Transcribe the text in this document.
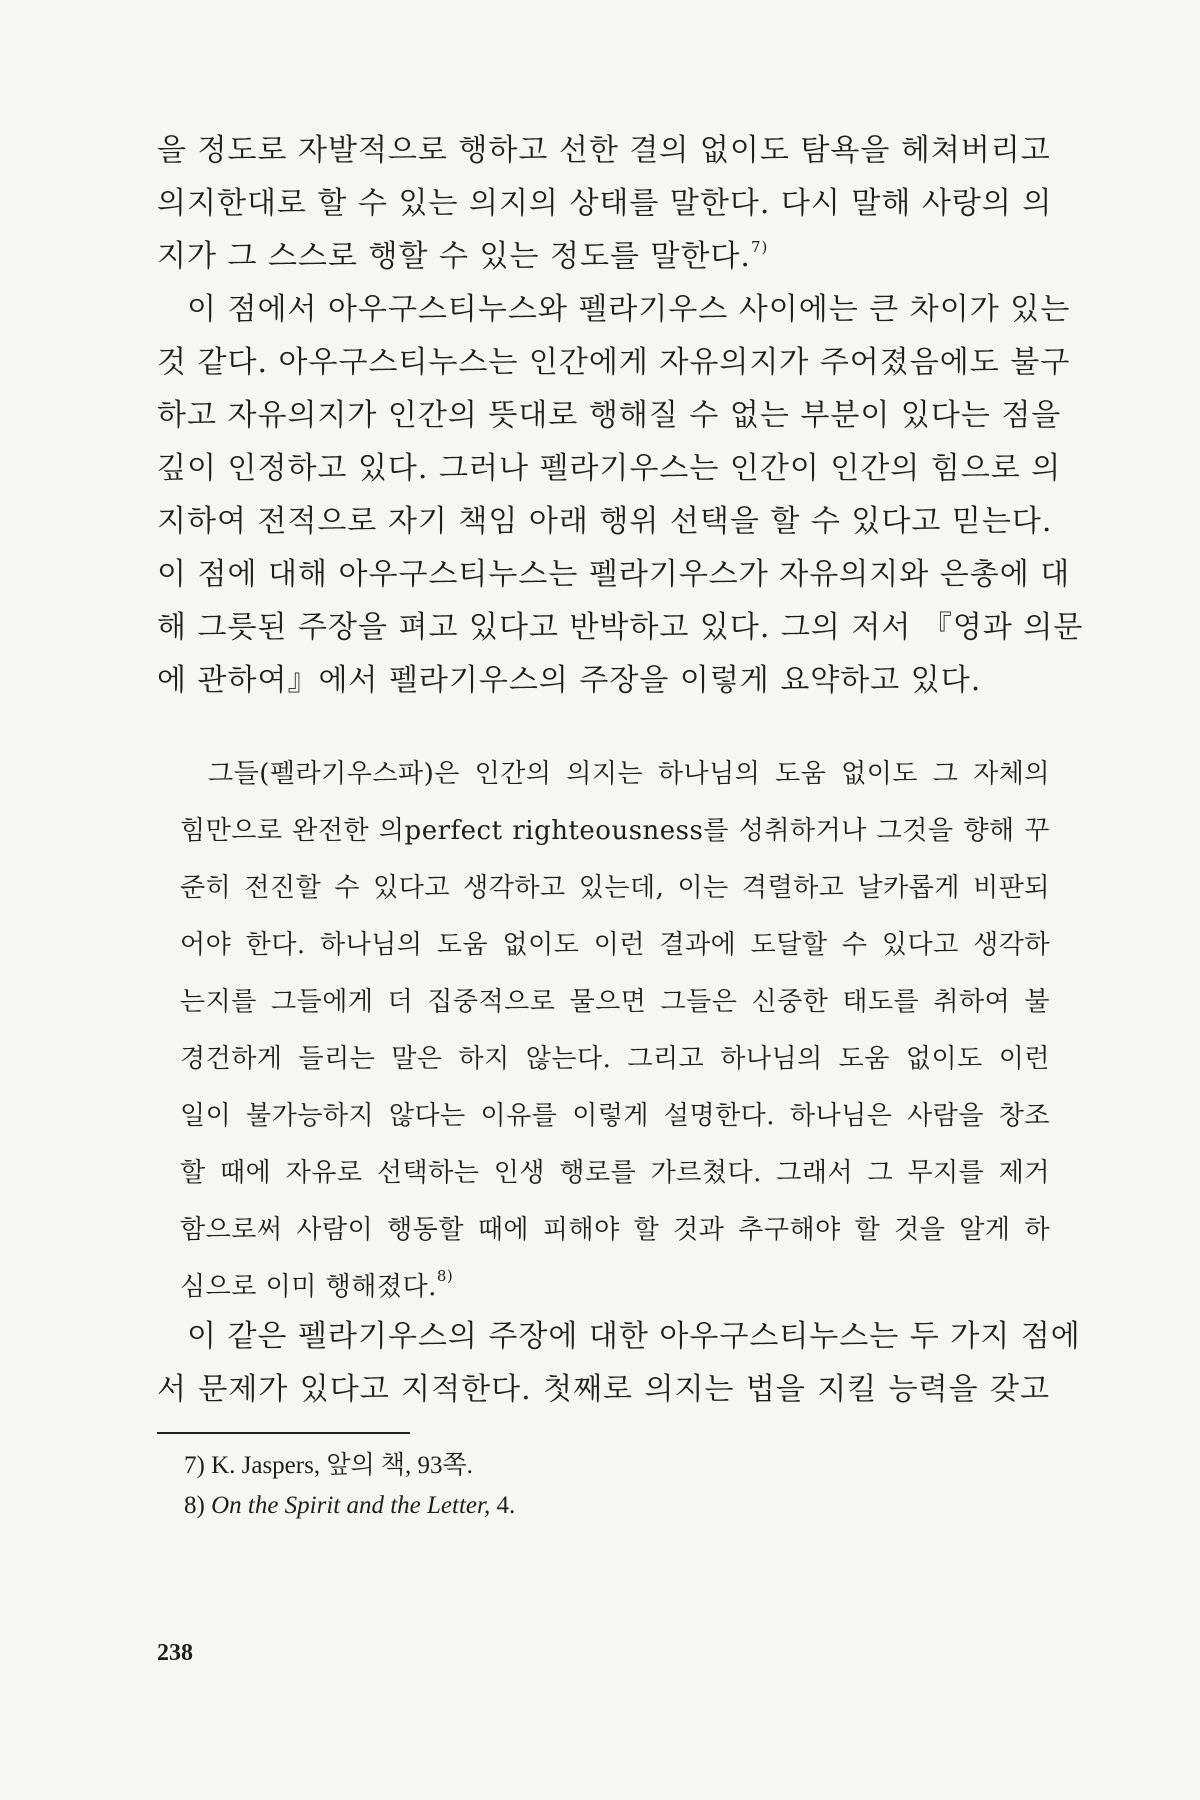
을 정도로 자발적으로 행하고 선한 결의 없이도 탐욕을 헤쳐버리고
의지한대로 할 수 있는 의지의 상태를 말한다. 다시 말해 사랑의 의
지가 그 스스로 행할 수 있는 정도를 말한다.$^{7)}$
이 점에서 아우구스티누스와 펠라기우스 사이에는 큰 차이가 있는
것 같다. 아우구스티누스는 인간에게 자유의지가 주어졌음에도 불구
하고 자유의지가 인간의 뜻대로 행해질 수 없는 부분이 있다는 점을
깊이 인정하고 있다. 그러나 펠라기우스는 인간이 인간의 힘으로 의
지하여 전적으로 자기 책임 아래 행위 선택을 할 수 있다고 믿는다.
이 점에 대해 아우구스티누스는 펠라기우스가 자유의지와 은총에 대
해 그릇된 주장을 펴고 있다고 반박하고 있다. 그의 저서 『영과 의문
에 관하여』에서 펠라기우스의 주장을 이렇게 요약하고 있다.
그들(펠라기우스파)은 인간의 의지는 하나님의 도움 없이도 그 자체의
힘만으로 완전한 의perfect righteousness를 성취하거나 그것을 향해 꾸
준히 전진할 수 있다고 생각하고 있는데, 이는 격렬하고 날카롭게 비판되
어야 한다. 하나님의 도움 없이도 이런 결과에 도달할 수 있다고 생각하
는지를 그들에게 더 집중적으로 물으면 그들은 신중한 태도를 취하여 불
경건하게 들리는 말은 하지 않는다. 그리고 하나님의 도움 없이도 이런
일이 불가능하지 않다는 이유를 이렇게 설명한다. 하나님은 사람을 창조
할 때에 자유로 선택하는 인생 행로를 가르쳤다. 그래서 그 무지를 제거
함으로써 사람이 행동할 때에 피해야 할 것과 추구해야 할 것을 알게 하
심으로 이미 행해졌다.$^{8)}$
이 같은 펠라기우스의 주장에 대한 아우구스티누스는 두 가지 점에
서 문제가 있다고 지적한다. 첫째로 의지는 법을 지킬 능력을 갖고
7) K. Jaspers, 앞의 책, 93쪽.
8) On the Spirit and the Letter, 4.
238
